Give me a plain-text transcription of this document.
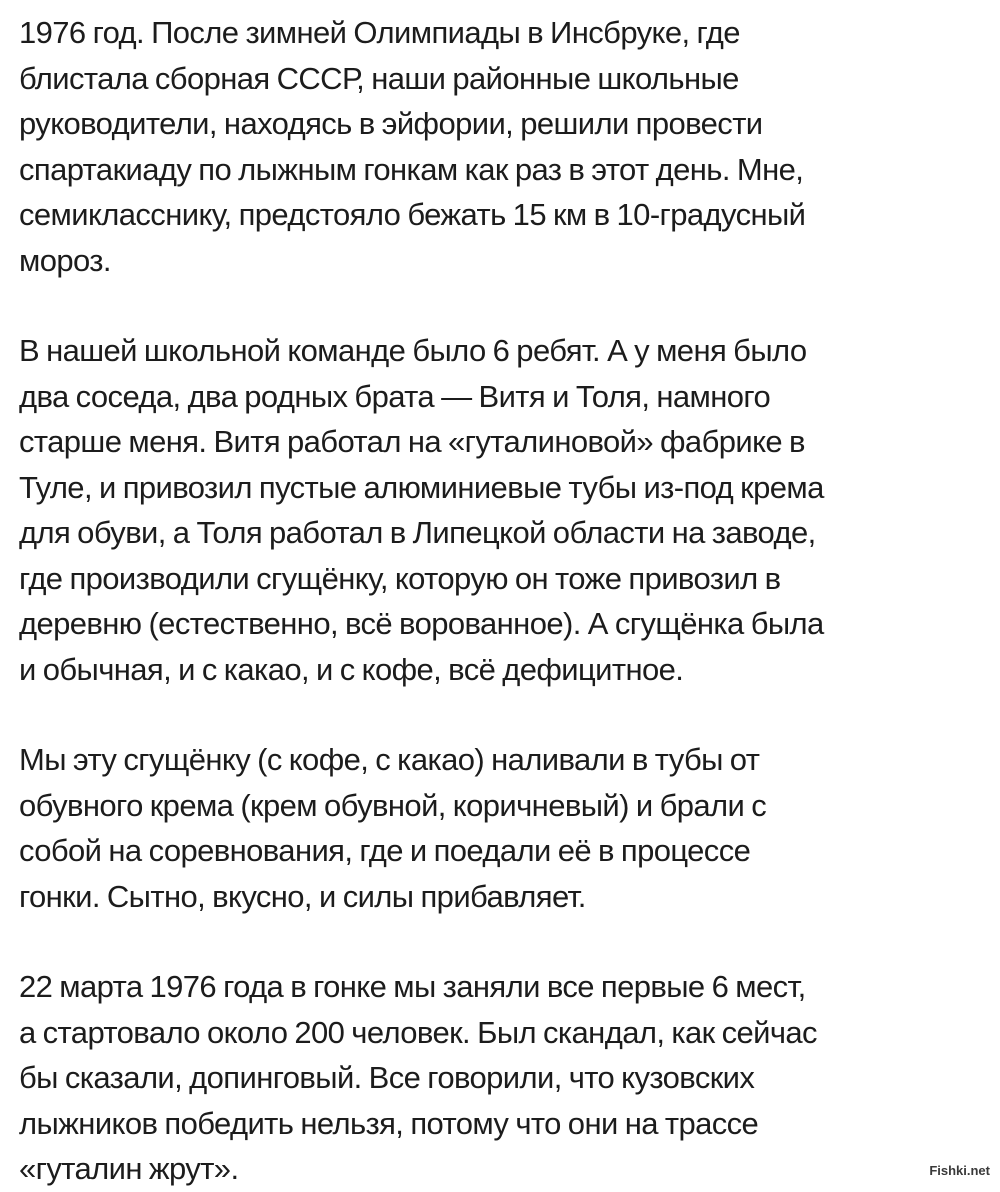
1976 год. После зимней Олимпиады в Инсбруке, где
блистала сборная СССР, наши районные школьные
руководители, находясь в эйфории, решили провести
спартакиаду по лыжным гонкам как раз в этот день. Мне,
семикласснику, предстояло бежать 15 км в 10-градусный
мороз.

В нашей школьной команде было 6 ребят. А у меня было
два соседа, два родных брата — Витя и Толя, намного
старше меня. Витя работал на «гуталиновой» фабрике в
Туле, и привозил пустые алюминиевые тубы из-под крема
для обуви, а Толя работал в Липецкой области на заводе,
где производили сгущёнку, которую он тоже привозил в
деревню (естественно, всё ворованное). А сгущёнка была
и обычная, и с какао, и с кофе, всё дефицитное.

Мы эту сгущёнку (с кофе, с какао) наливали в тубы от
обувного крема (крем обувной, коричневый) и брали с
собой на соревнования, где и поедали её в процессе
гонки. Сытно, вкусно, и силы прибавляет.

22 марта 1976 года в гонке мы заняли все первые 6 мест,
а стартовало около 200 человек. Был скандал, как сейчас
бы сказали, допинговый. Все говорили, что кузовских
лыжников победить нельзя, потому что они на трассе
«гуталин жрут».	Fishki.net
